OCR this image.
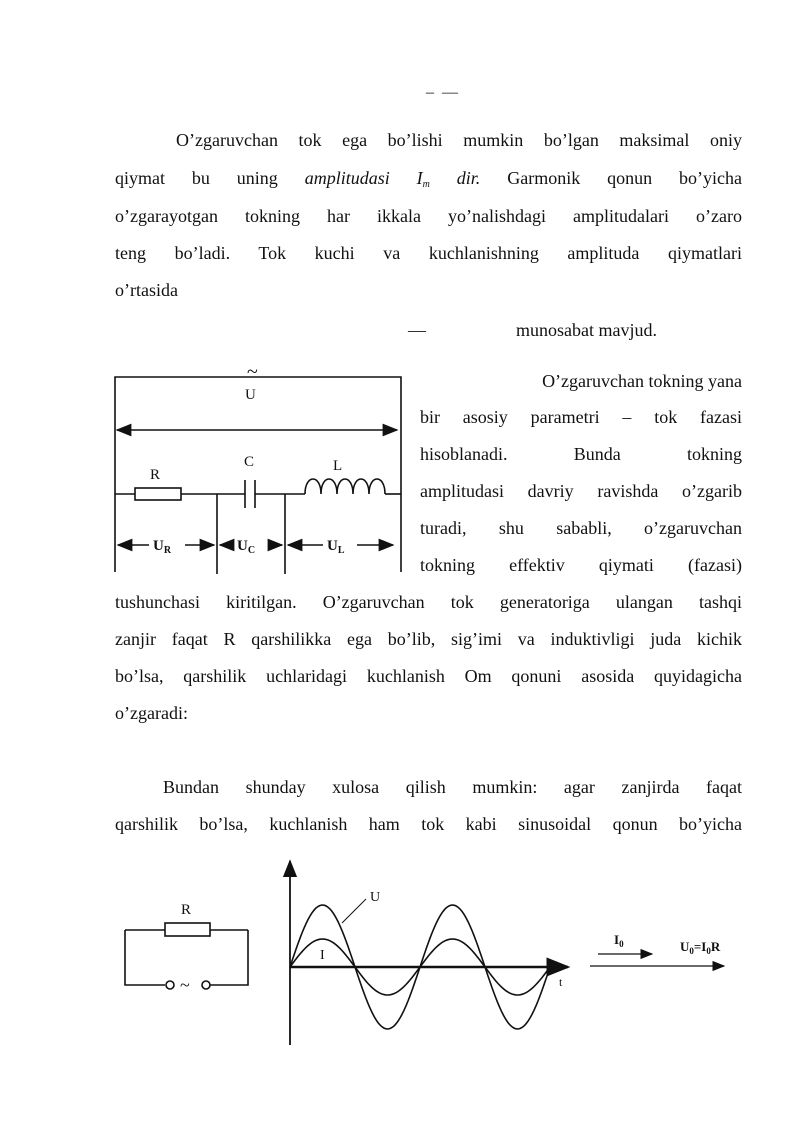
– —
O’zgaruvchan tok ega bo’lishi mumkin bo’lgan maksimal oniy
qiymat bu uning amplitudasi $I_m$ dir. Garmonik qonun bo’yicha
o’zgarayotgan tokning har ikkala yo’nalishdagi amplitudalari o’zaro
teng bo’ladi. Tok kuchi va kuchlanishning amplituda qiymatlari
o’rtasida
—	munosabat mavjud.
O’zgaruvchan tokning yana
bir asosiy parametri – tok fazasi
hisoblanadi. Bunda tokning
amplitudasi davriy ravishda o’zgarib
turadi, shu sababli, o’zgaruvchan
tokning effektiv qiymati (fazasi)
tushunchasi kiritilgan. O’zgaruvchan tok generatoriga ulangan tashqi
zanjir faqat R qarshilikka ega bo’lib, sig’imi va induktivligi juda kichik
bo’lsa, qarshilik uchlaridagi kuchlanish Om qonuni asosida quyidagicha
o’zgaradi:
Bundan shunday xulosa qilish mumkin: agar zanjirda faqat
qarshilik bo’lsa, kuchlanish ham tok kabi sinusoidal qonun bo’yicha
~
U
R
C	L
$U_R$	$U_C$	$U_L$
R
~
U
I
t
$I_0$	$U_0=I_0R$
